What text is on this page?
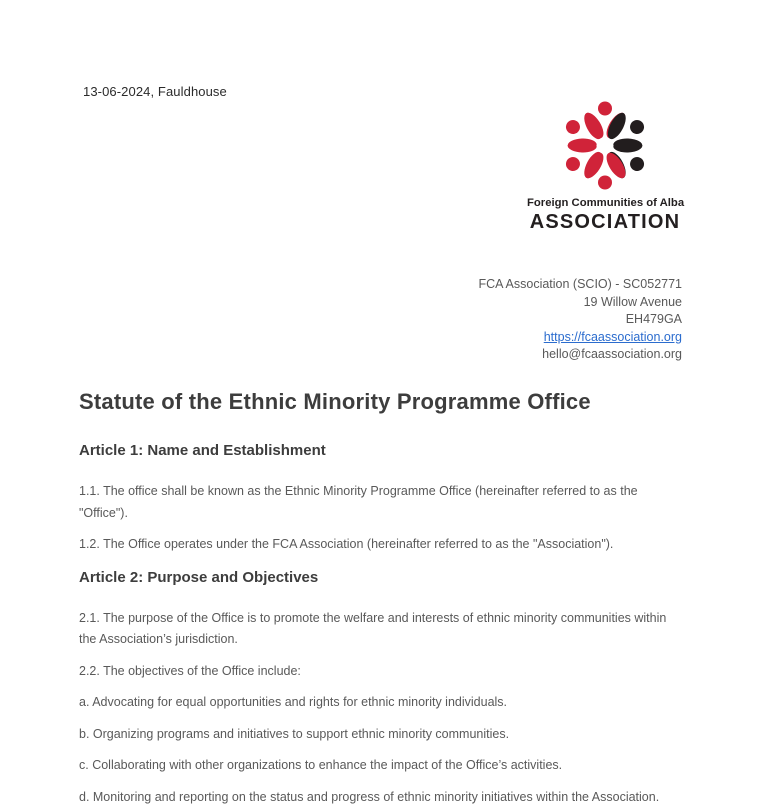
13-06-2024, Fauldhouse
Foreign Communities of Alba
ASSOCIATION
FCA Association (SCIO) - SC052771
19 Willow Avenue
EH479GA
https://fcaassociation.org
hello@fcaassociation.org
Statute of the Ethnic Minority Programme Office
Article 1: Name and Establishment

1.1. The office shall be known as the Ethnic Minority Programme Office (hereinafter referred to as the "Office").

1.2. The Office operates under the FCA Association (hereinafter referred to as the "Association").

Article 2: Purpose and Objectives

2.1. The purpose of the Office is to promote the welfare and interests of ethnic minority communities within the Association’s jurisdiction.

2.2. The objectives of the Office include:

a. Advocating for equal opportunities and rights for ethnic minority individuals.

b. Organizing programs and initiatives to support ethnic minority communities.

c. Collaborating with other organizations to enhance the impact of the Office’s activities.

d. Monitoring and reporting on the status and progress of ethnic minority initiatives within the Association.
